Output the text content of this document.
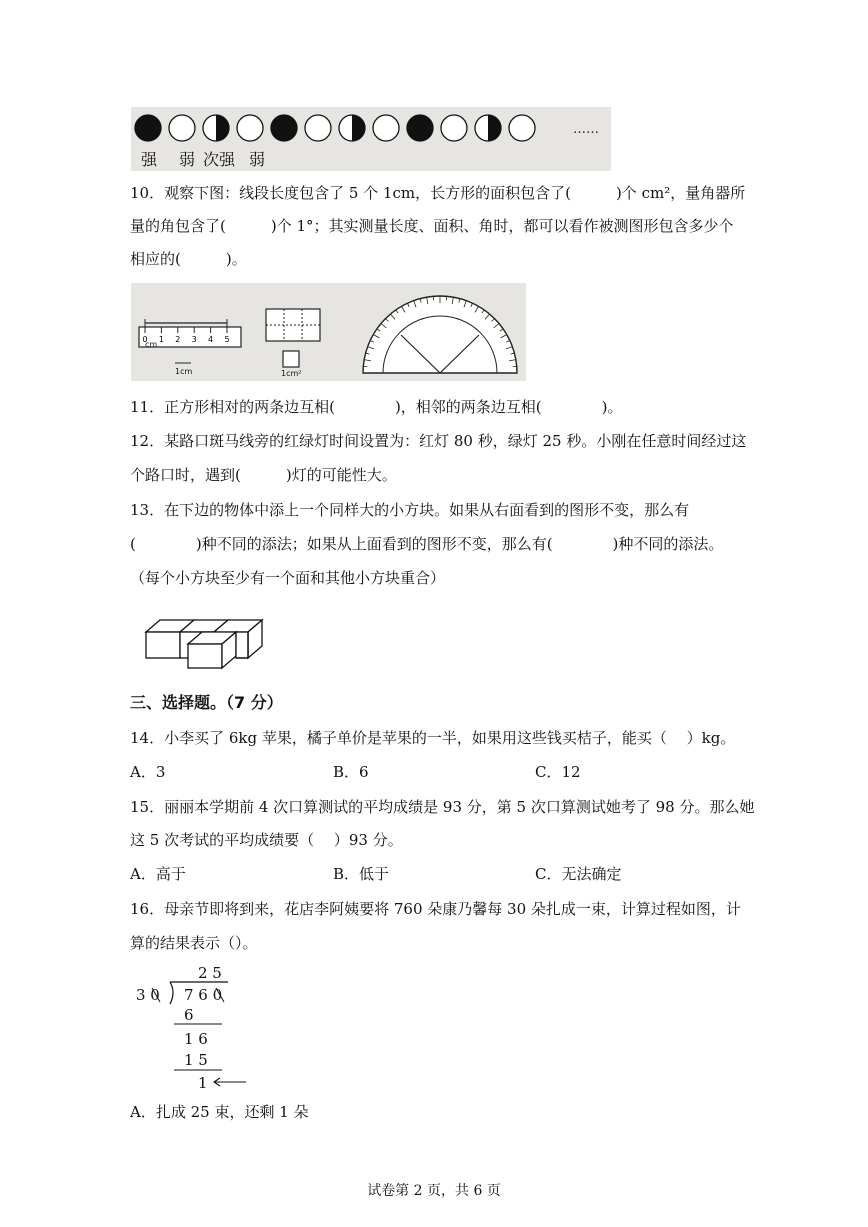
……
强 弱 次强 弱
10．观察下图：线段长度包含了 5 个 1cm，长方形的面积包含了(　　　)个 cm²，量角器所
量的角包含了(　　　)个 1°；其实测量长度、面积、角时，都可以看作被测图形包含多少个
相应的(　　　)。
0 1 2 3 4 5
cm
1cm	1cm²
11．正方形相对的两条边互相(　　　　)，相邻的两条边互相(　　　　)。
12．某路口斑马线旁的红绿灯时间设置为：红灯 80 秒，绿灯 25 秒。小刚在任意时间经过这
个路口时，遇到(　　　)灯的可能性大。
13．在下边的物体中添上一个同样大的小方块。如果从右面看到的图形不变，那么有
(　　　　)种不同的添法；如果从上面看到的图形不变，那么有(　　　　)种不同的添法。
（每个小方块至少有一个面和其他小方块重合）
三、选择题。（7 分）
14．小李买了 6kg 苹果，橘子单价是苹果的一半，如果用这些钱买桔子，能买（　 ）kg。
A．3	B．6	C．12
15．丽丽本学期前 4 次口算测试的平均成绩是 93 分，第 5 次口算测试她考了 98 分。那么她
这 5 次考试的平均成绩要（　 ）93 分。
A．高于	B．低于	C．无法确定
16．母亲节即将到来，花店李阿姨要将 760 朵康乃馨每 30 朵扎成一束，计算过程如图，计
算的结果表示（）。
2 5
3 0 7 6 0
6
1 6
1 5
1
A．扎成 25 束，还剩 1 朵
试卷第 2 页，共 6 页
